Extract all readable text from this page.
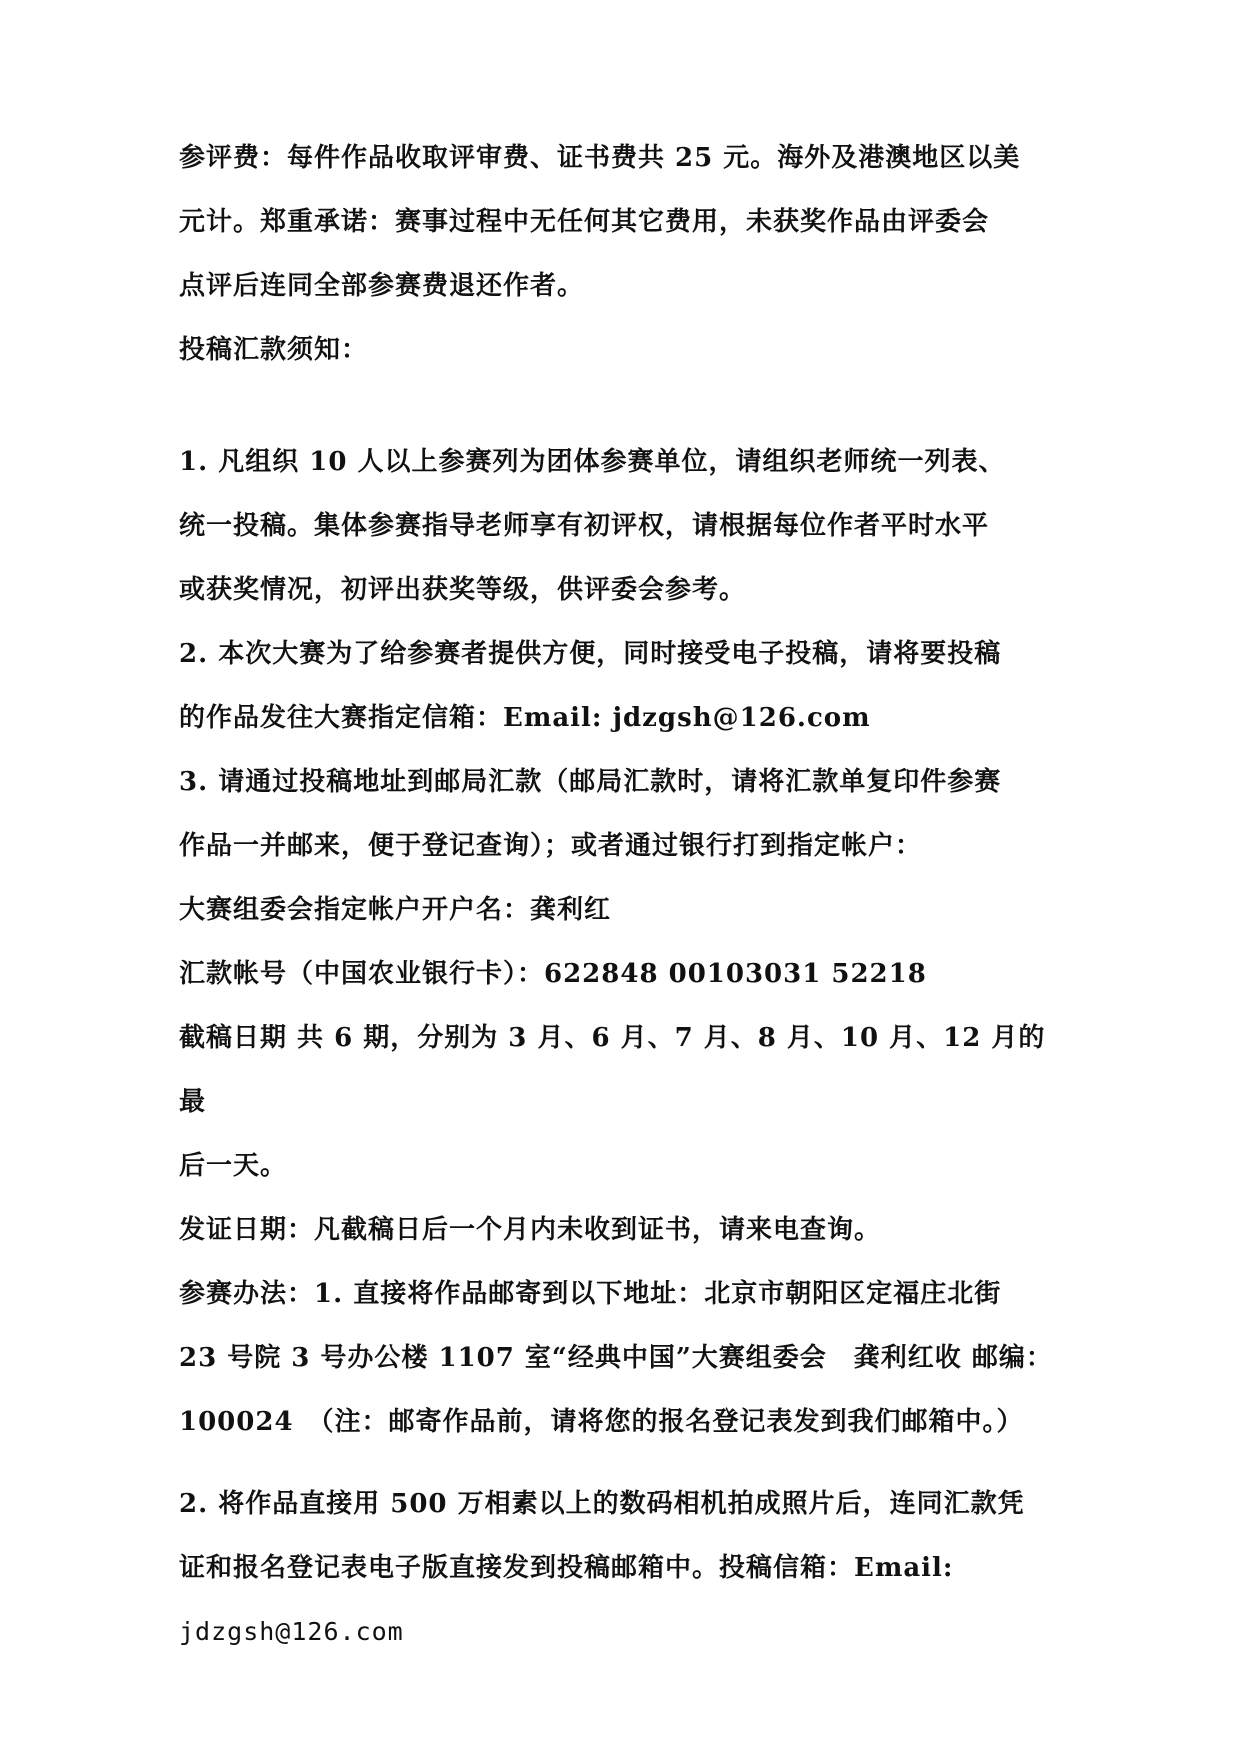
参评费：每件作品收取评审费、证书费共 25 元。海外及港澳地区以美
元计。郑重承诺：赛事过程中无任何其它费用，未获奖作品由评委会
点评后连同全部参赛费退还作者。

投稿汇款须知：

1. 凡组织 10 人以上参赛列为团体参赛单位，请组织老师统一列表、
统一投稿。集体参赛指导老师享有初评权，请根据每位作者平时水平
或获奖情况，初评出获奖等级，供评委会参考。

2. 本次大赛为了给参赛者提供方便，同时接受电子投稿，请将要投稿
的作品发往大赛指定信箱：Email: jdzgsh@126.com

3. 请通过投稿地址到邮局汇款（邮局汇款时，请将汇款单复印件参赛
作品一并邮来，便于登记查询）；或者通过银行打到指定帐户：

大赛组委会指定帐户开户名：龚利红

汇款帐号（中国农业银行卡）：622848 00103031 52218

截稿日期 共 6 期，分别为 3 月、6 月、7 月、8 月、10 月、12 月的最
后一天。

发证日期：凡截稿日后一个月内未收到证书，请来电查询。

参赛办法：1. 直接将作品邮寄到以下地址：北京市朝阳区定福庄北街
23 号院 3 号办公楼 1107 室“经典中国”大赛组委会　龚利红收 邮编：
100024　（注：邮寄作品前，请将您的报名登记表发到我们邮箱中。）

2. 将作品直接用 500 万相素以上的数码相机拍成照片后，连同汇款凭
证和报名登记表电子版直接发到投稿邮箱中。投稿信箱：Email:
jdzgsh@126.com
